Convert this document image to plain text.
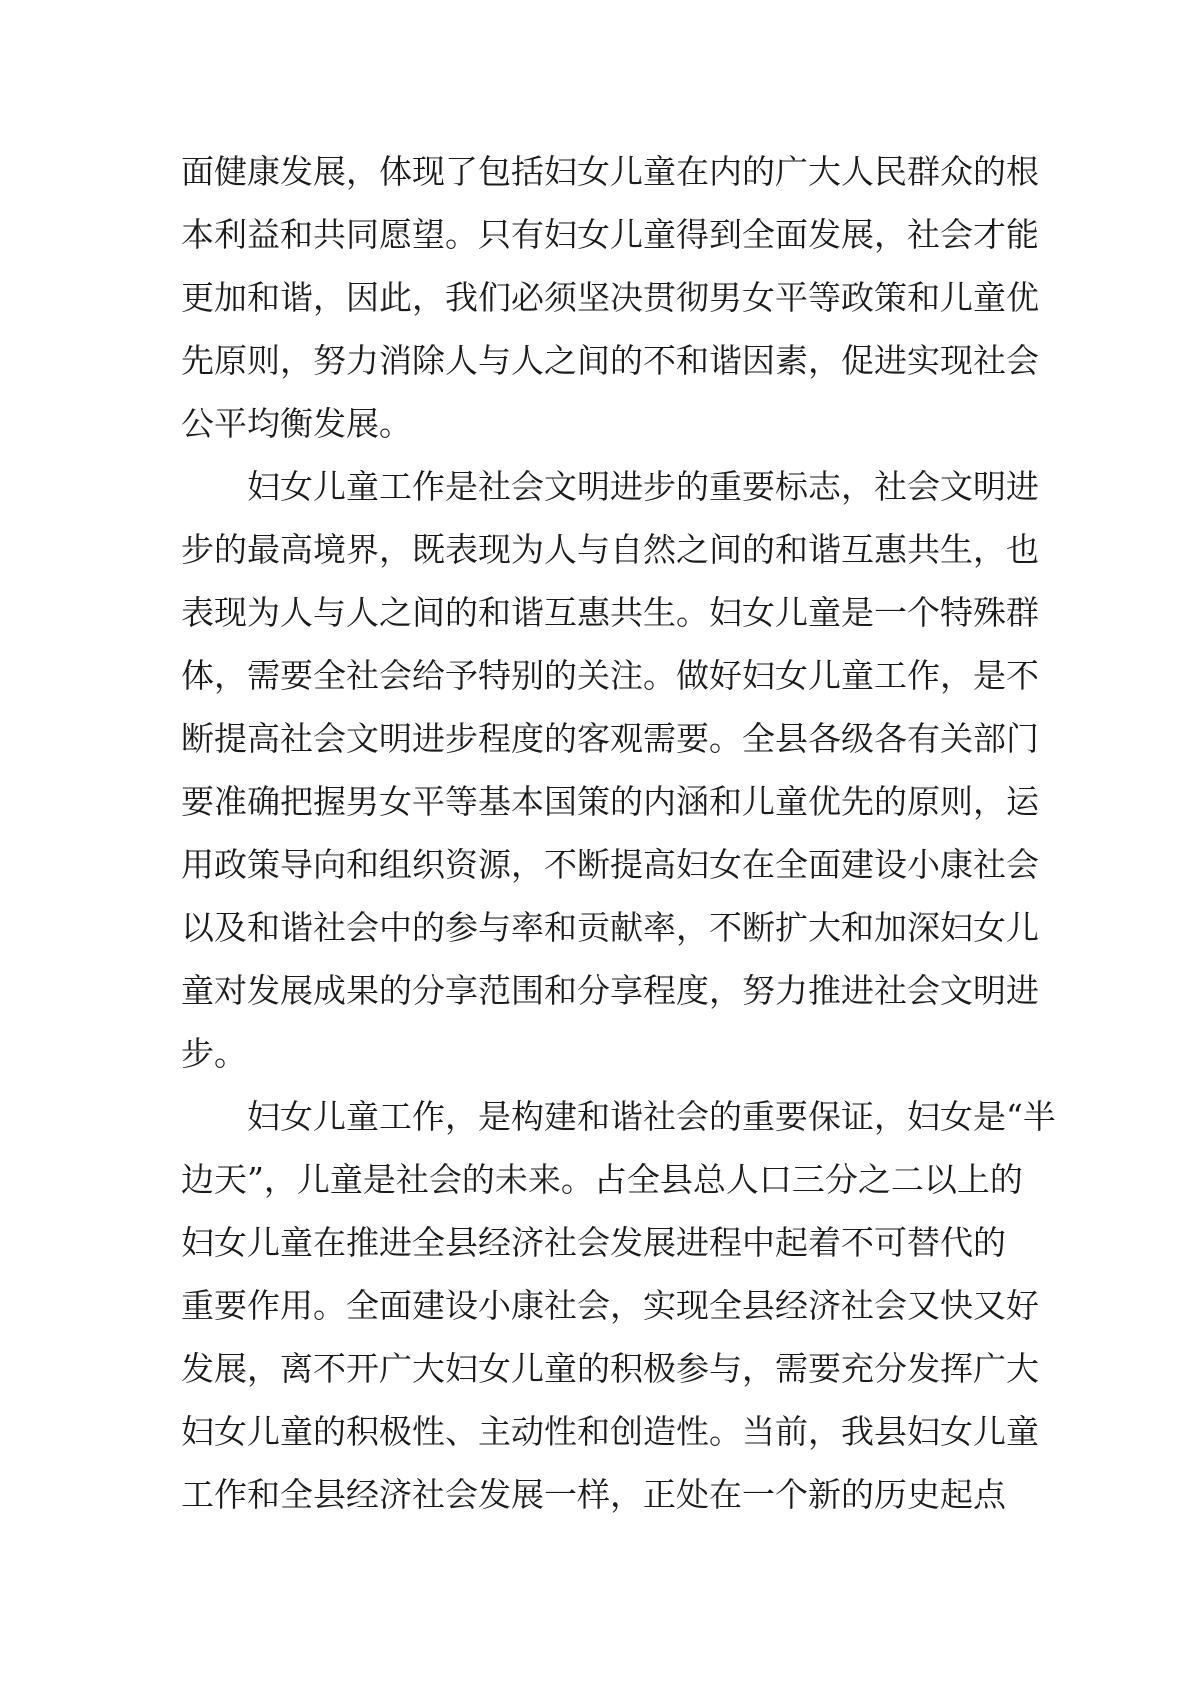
面健康发展，体现了包括妇女儿童在内的广大人民群众的根
本利益和共同愿望。只有妇女儿童得到全面发展，社会才能
更加和谐，因此，我们必须坚决贯彻男女平等政策和儿童优
先原则，努力消除人与人之间的不和谐因素，促进实现社会
公平均衡发展。
妇女儿童工作是社会文明进步的重要标志，社会文明进
步的最高境界，既表现为人与自然之间的和谐互惠共生，也
表现为人与人之间的和谐互惠共生。妇女儿童是一个特殊群
体，需要全社会给予特别的关注。做好妇女儿童工作，是不
断提高社会文明进步程度的客观需要。全县各级各有关部门
要准确把握男女平等基本国策的内涵和儿童优先的原则，运
用政策导向和组织资源，不断提高妇女在全面建设小康社会
以及和谐社会中的参与率和贡献率，不断扩大和加深妇女儿
童对发展成果的分享范围和分享程度，努力推进社会文明进
步。
妇女儿童工作，是构建和谐社会的重要保证，妇女是“半
边天”，儿童是社会的未来。占全县总人口三分之二以上的
妇女儿童在推进全县经济社会发展进程中起着不可替代的
重要作用。全面建设小康社会，实现全县经济社会又快又好
发展，离不开广大妇女儿童的积极参与，需要充分发挥广大
妇女儿童的积极性、主动性和创造性。当前，我县妇女儿童
工作和全县经济社会发展一样，正处在一个新的历史起点
